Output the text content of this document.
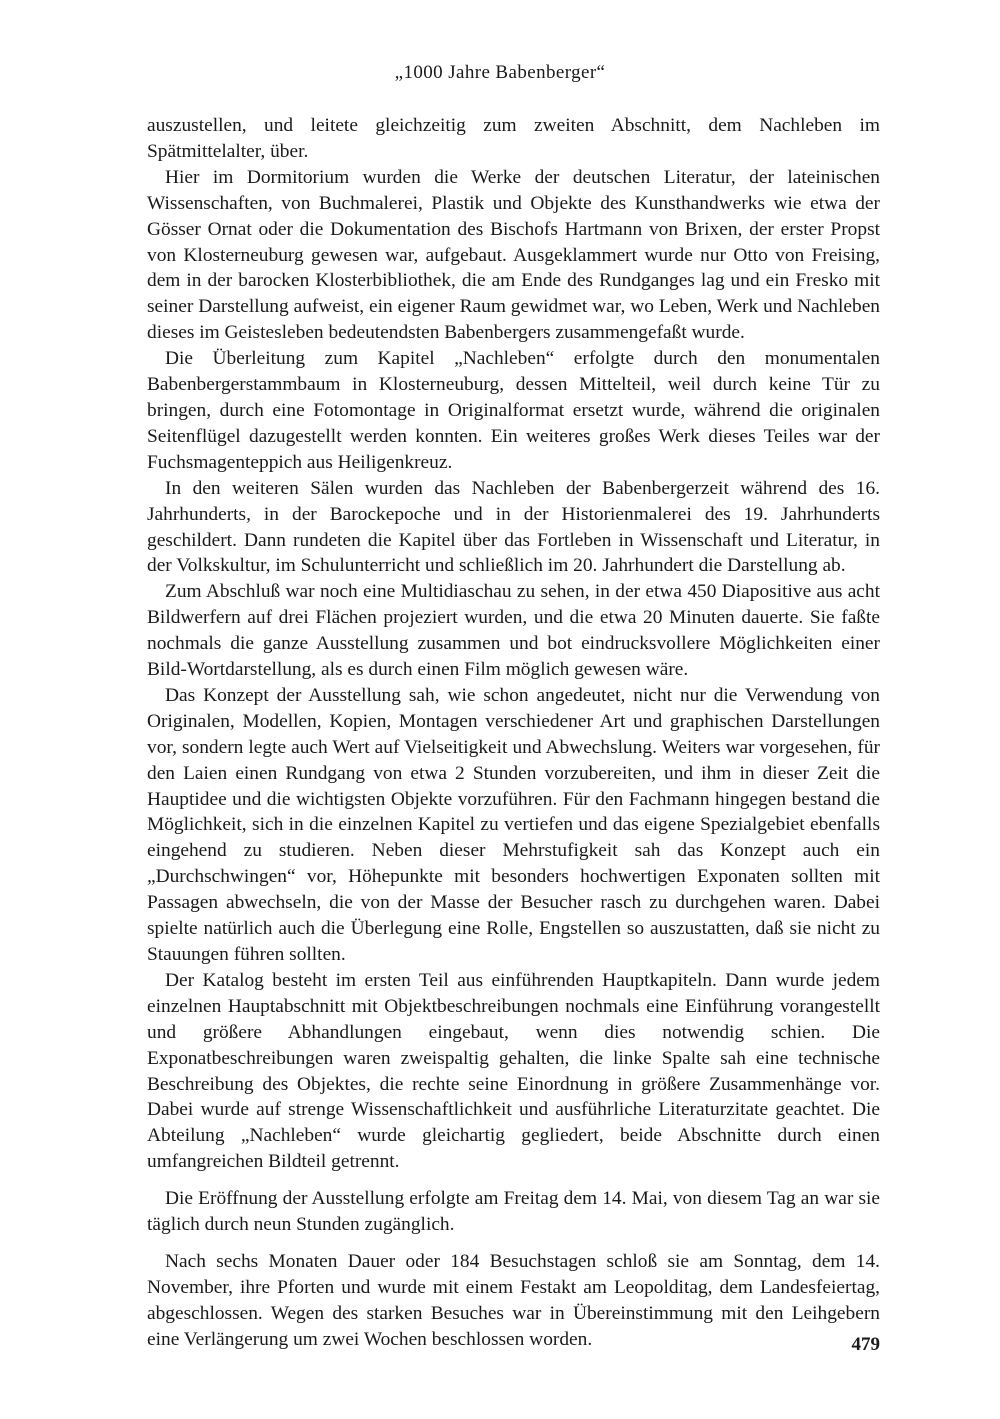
„1000 Jahre Babenberger“

auszustellen, und leitete gleichzeitig zum zweiten Abschnitt, dem Nachleben im Spätmittelalter, über.

Hier im Dormitorium wurden die Werke der deutschen Literatur, der lateinischen Wissenschaften, von Buchmalerei, Plastik und Objekte des Kunsthandwerks wie etwa der Gösser Ornat oder die Dokumentation des Bischofs Hartmann von Brixen, der erster Propst von Klosterneuburg gewesen war, aufgebaut. Ausgeklammert wurde nur Otto von Freising, dem in der barocken Klosterbibliothek, die am Ende des Rundganges lag und ein Fresko mit seiner Darstellung aufweist, ein eigener Raum gewidmet war, wo Leben, Werk und Nachleben dieses im Geistesleben bedeutendsten Babenbergers zusammengefaßt wurde.

Die Überleitung zum Kapitel „Nachleben“ erfolgte durch den monumentalen Babenbergerstammbaum in Klosterneuburg, dessen Mittelteil, weil durch keine Tür zu bringen, durch eine Fotomontage in Originalformat ersetzt wurde, während die originalen Seitenflügel dazugestellt werden konnten. Ein weiteres großes Werk dieses Teiles war der Fuchsmagenteppich aus Heiligenkreuz.

In den weiteren Sälen wurden das Nachleben der Babenbergerzeit während des 16. Jahrhunderts, in der Barockepoche und in der Historienmalerei des 19. Jahrhunderts geschildert. Dann rundeten die Kapitel über das Fortleben in Wissenschaft und Literatur, in der Volkskultur, im Schulunterricht und schließlich im 20. Jahrhundert die Darstellung ab.

Zum Abschluß war noch eine Multidiaschau zu sehen, in der etwa 450 Diapositive aus acht Bildwerfern auf drei Flächen projeziert wurden, und die etwa 20 Minuten dauerte. Sie faßte nochmals die ganze Ausstellung zusammen und bot eindrucksvollere Möglichkeiten einer Bild-Wortdarstellung, als es durch einen Film möglich gewesen wäre.

Das Konzept der Ausstellung sah, wie schon angedeutet, nicht nur die Verwendung von Originalen, Modellen, Kopien, Montagen verschiedener Art und graphischen Darstellungen vor, sondern legte auch Wert auf Vielseitigkeit und Abwechslung. Weiters war vorgesehen, für den Laien einen Rundgang von etwa 2 Stunden vorzubereiten, und ihm in dieser Zeit die Hauptidee und die wichtigsten Objekte vorzuführen. Für den Fachmann hingegen bestand die Möglichkeit, sich in die einzelnen Kapitel zu vertiefen und das eigene Spezialgebiet ebenfalls eingehend zu studieren. Neben dieser Mehrstufigkeit sah das Konzept auch ein „Durchschwingen“ vor, Höhepunkte mit besonders hochwertigen Exponaten sollten mit Passagen abwechseln, die von der Masse der Besucher rasch zu durchgehen waren. Dabei spielte natürlich auch die Überlegung eine Rolle, Engstellen so auszustatten, daß sie nicht zu Stauungen führen sollten.

Der Katalog besteht im ersten Teil aus einführenden Hauptkapiteln. Dann wurde jedem einzelnen Hauptabschnitt mit Objektbeschreibungen nochmals eine Einführung vorangestellt und größere Abhandlungen eingebaut, wenn dies notwendig schien. Die Exponatbeschreibungen waren zweispaltig gehalten, die linke Spalte sah eine technische Beschreibung des Objektes, die rechte seine Einordnung in größere Zusammenhänge vor. Dabei wurde auf strenge Wissenschaftlichkeit und ausführliche Literaturzitate geachtet. Die Abteilung „Nachleben“ wurde gleichartig gegliedert, beide Abschnitte durch einen umfangreichen Bildteil getrennt.

Die Eröffnung der Ausstellung erfolgte am Freitag dem 14. Mai, von diesem Tag an war sie täglich durch neun Stunden zugänglich.

Nach sechs Monaten Dauer oder 184 Besuchstagen schloß sie am Sonntag, dem 14. November, ihre Pforten und wurde mit einem Festakt am Leopolditag, dem Landesfeiertag, abgeschlossen. Wegen des starken Besuches war in Übereinstimmung mit den Leihgebern eine Verlängerung um zwei Wochen beschlossen worden.	479
